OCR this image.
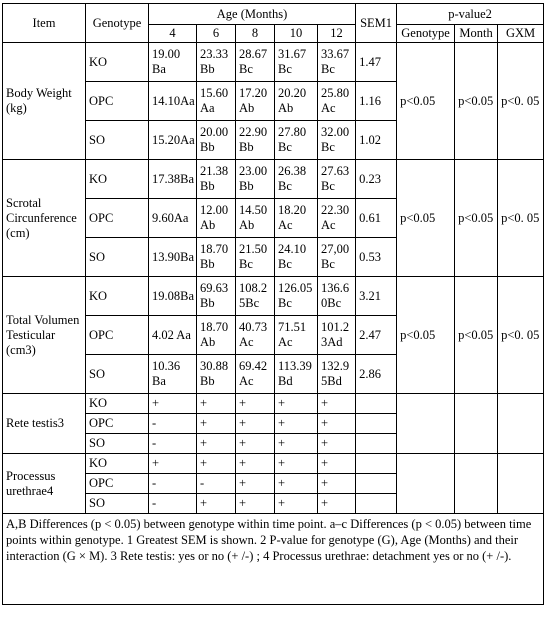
Item	Genotype	Age (Months)					SEM1	p-value2		
		4	6	8	10	12		Genotype	Month	GXM
Body Weight (kg)	KO	19.00 Ba	23.33 Bb	28.67 Bc	31.67 Bc	33.67 Bc	1.47	p<0.05	p<0.05	p<0. 05
	OPC	14.10Aa	15.60 Aa	17.20 Ab	20.20 Ab	25.80 Ac	1.16			
	SO	15.20Aa	20.00 Bb	22.90 Bb	27.80 Bc	32.00 Bc	1.02			
Scrotal Circunference (cm)	KO	17.38Ba	21.38 Bb	23.00 Bb	26.38 Bc	27.63 Bc	0.23	p<0.05	p<0.05	p<0. 05
	OPC	9.60Aa	12.00 Ab	14.50 Ab	18.20 Ac	22.30 Ac	0.61			
	SO	13.90Ba	18.70 Bb	21.50 Bc	24.10 Bc	27,00 Bc	0.53			
Total Volumen Testicular (cm3)	KO	19.08Ba	69.63 Bb	108.2 5Bc	126.05 Bc	136.6 0Bc	3.21	p<0.05	p<0.05	p<0. 05
	OPC	4.02 Aa	18.70 Ab	40.73 Ac	71.51 Ac	101.2 3Ad	2.47			
	SO	10.36 Ba	30.88 Bb	69.42 Ac	113.39 Bd	132.9 5Bd	2.86			
Rete testis3	KO	+	+	+	+	+				
	OPC	-	+	+	+	+				
	SO	-	+	+	+	+				
Processus urethrae4	KO	+	+	+	+	+				
	OPC	-	-	+	+	+				
	SO	-	+	+	+	+				
A,B Differences (p < 0.05) between genotype within time point. a–c Differences (p < 0.05) between time points within genotype. 1 Greatest SEM is shown. 2 P-value for genotype (G), Age (Months) and their interaction (G × M). 3 Rete testis: yes or no (+ /-) ; 4 Processus urethrae: detachment yes or no (+ /-).										
